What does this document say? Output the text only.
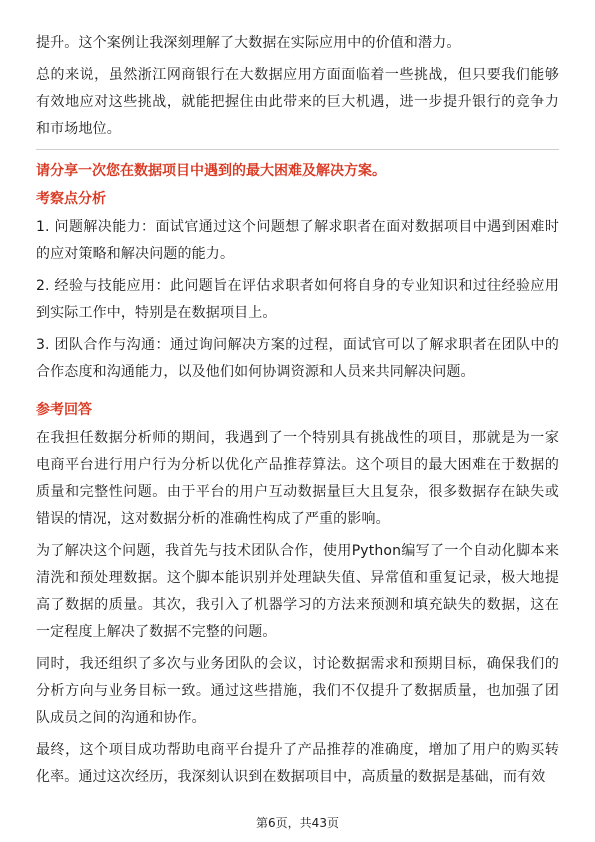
提升。这个案例让我深刻理解了大数据在实际应用中的价值和潜力。

总的来说，虽然浙江网商银行在大数据应用方面面临着一些挑战，但只要我们能够有效地应对这些挑战，就能把握住由此带来的巨大机遇，进一步提升银行的竞争力和市场地位。

请分享一次您在数据项目中遇到的最大困难及解决方案。
考察点分析

1. 问题解决能力：面试官通过这个问题想了解求职者在面对数据项目中遇到困难时的应对策略和解决问题的能力。

2. 经验与技能应用：此问题旨在评估求职者如何将自身的专业知识和过往经验应用到实际工作中，特别是在数据项目上。

3. 团队合作与沟通：通过询问解决方案的过程，面试官可以了解求职者在团队中的合作态度和沟通能力，以及他们如何协调资源和人员来共同解决问题。

参考回答

在我担任数据分析师的期间，我遇到了一个特别具有挑战性的项目，那就是为一家电商平台进行用户行为分析以优化产品推荐算法。这个项目的最大困难在于数据的质量和完整性问题。由于平台的用户互动数据量巨大且复杂，很多数据存在缺失或错误的情况，这对数据分析的准确性构成了严重的影响。

为了解决这个问题，我首先与技术团队合作，使用Python编写了一个自动化脚本来清洗和预处理数据。这个脚本能识别并处理缺失值、异常值和重复记录，极大地提高了数据的质量。其次，我引入了机器学习的方法来预测和填充缺失的数据，这在一定程度上解决了数据不完整的问题。

同时，我还组织了多次与业务团队的会议，讨论数据需求和预期目标，确保我们的分析方向与业务目标一致。通过这些措施，我们不仅提升了数据质量，也加强了团队成员之间的沟通和协作。

最终，这个项目成功帮助电商平台提升了产品推荐的准确度，增加了用户的购买转化率。通过这次经历，我深刻认识到在数据项目中，高质量的数据是基础，而有效

第6页，共43页
